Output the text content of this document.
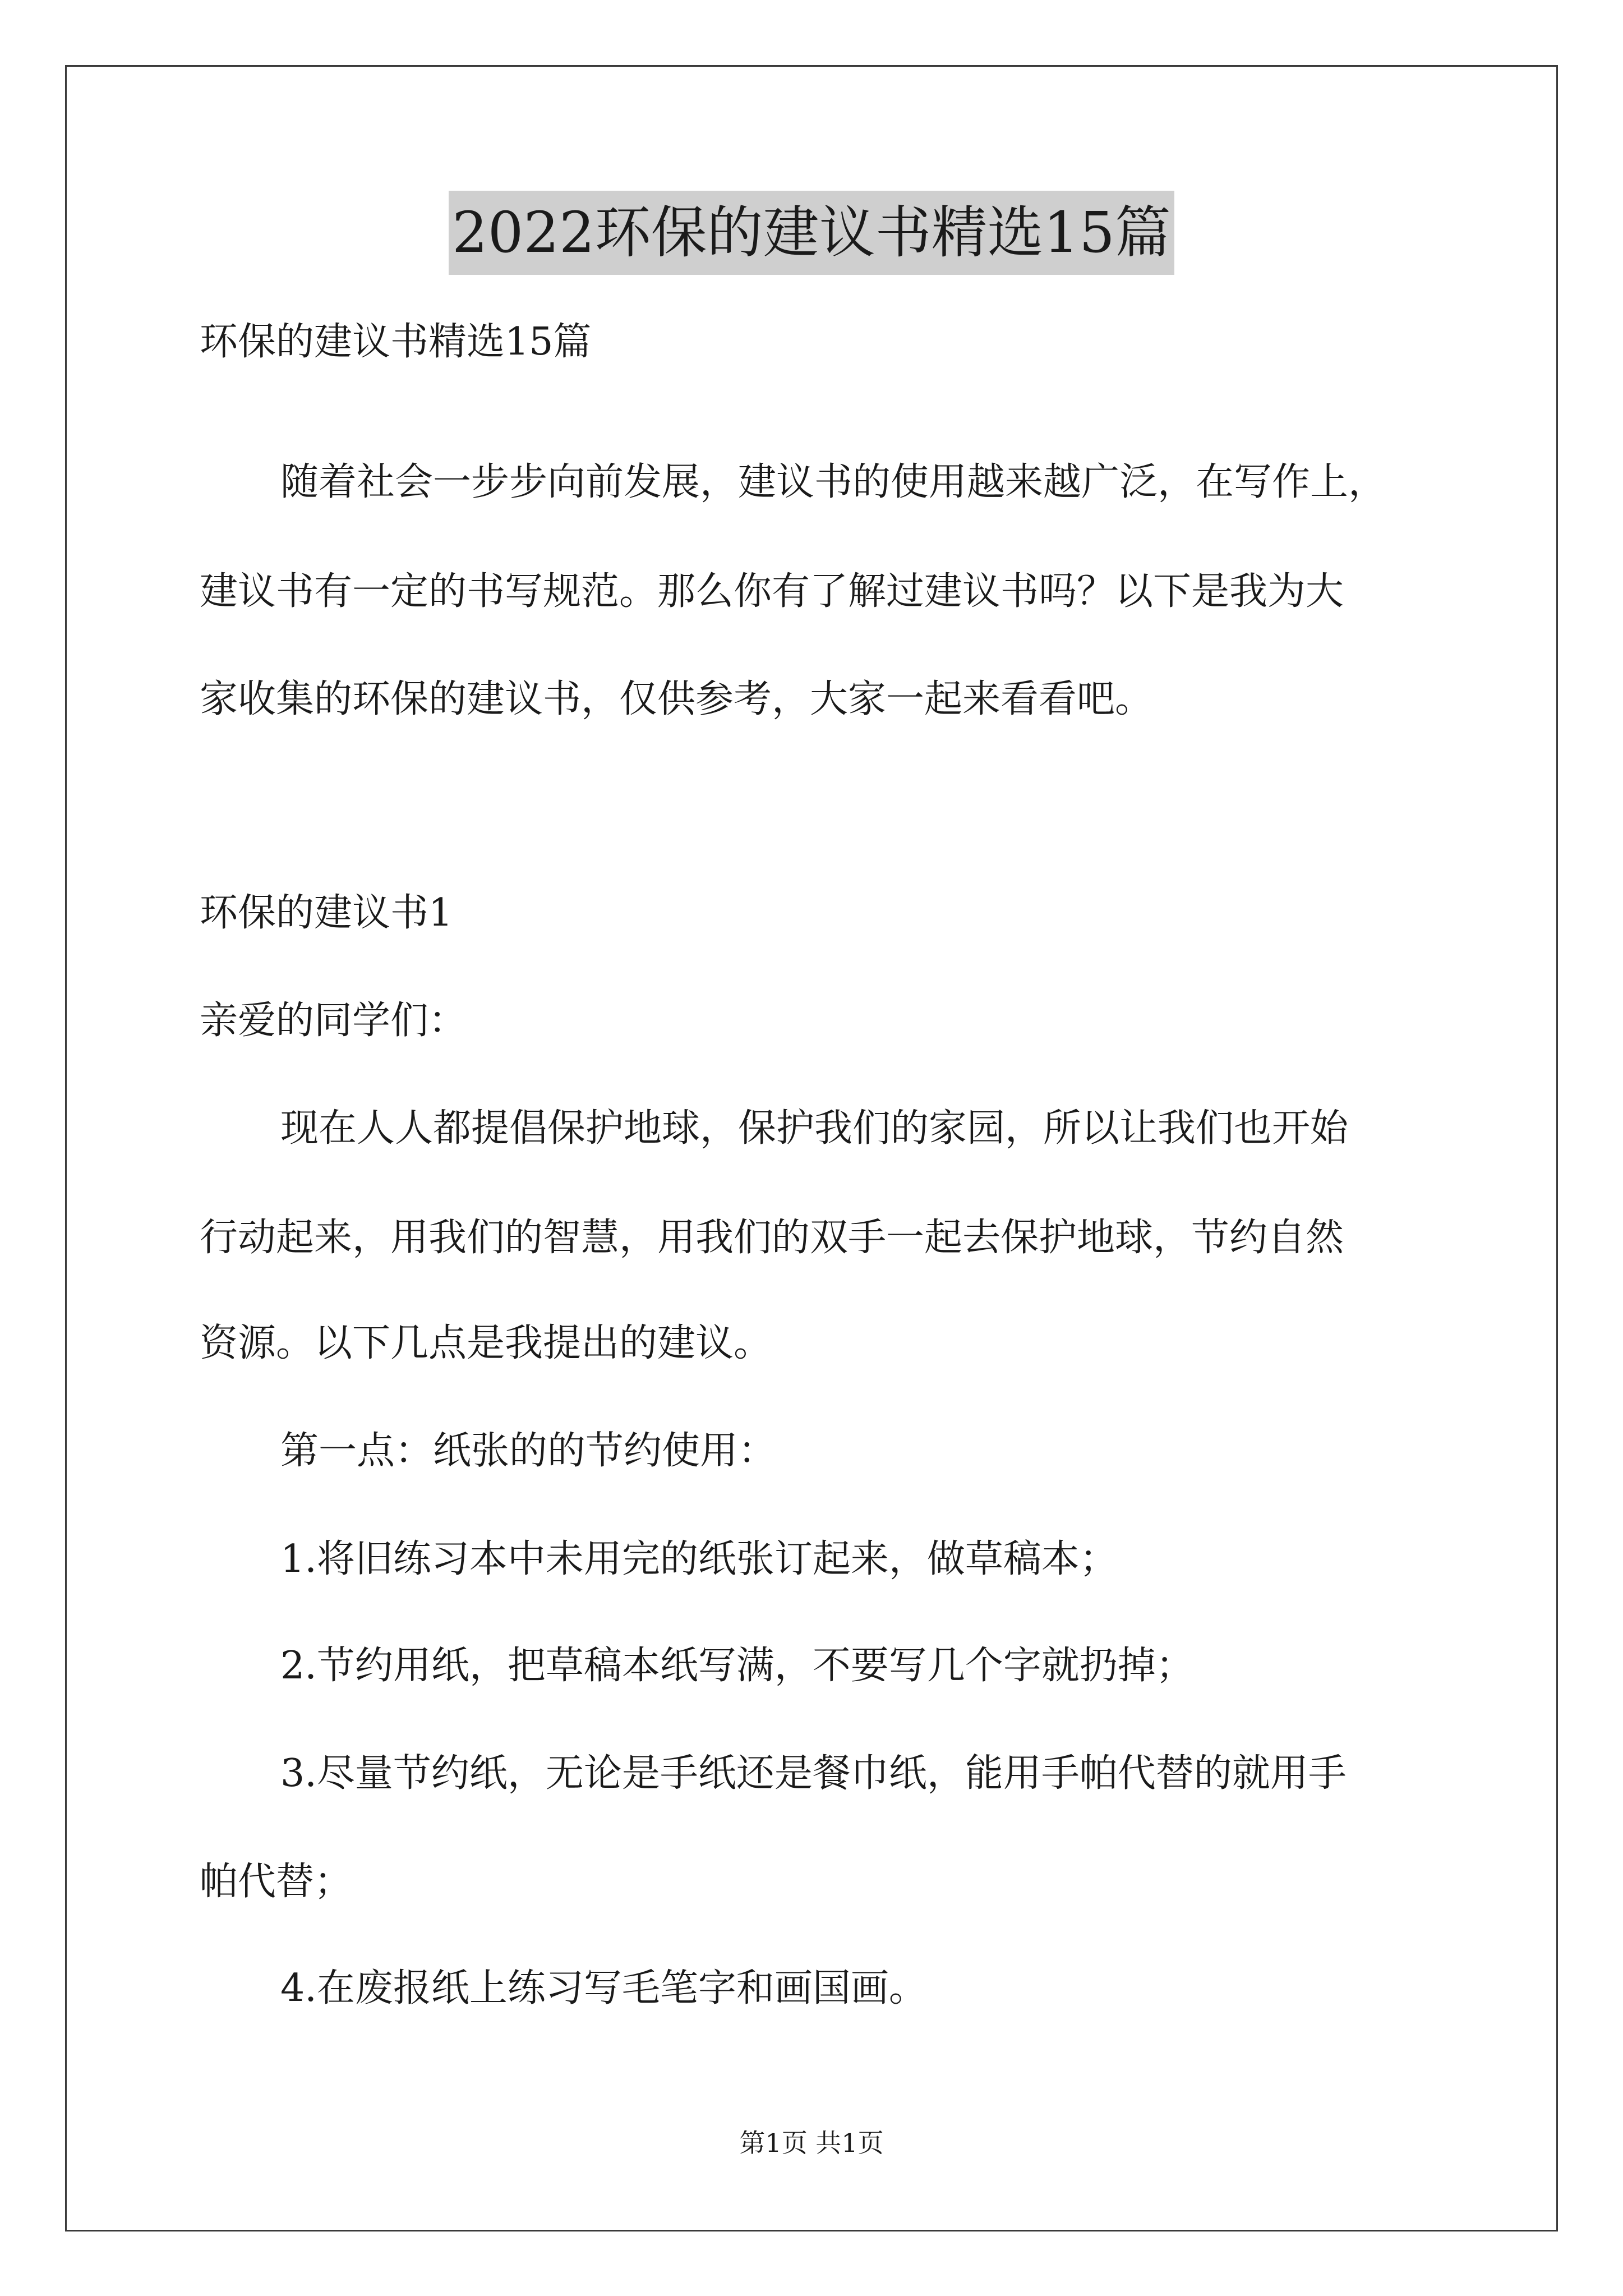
2022环保的建议书精选15篇
环保的建议书精选15篇
随着社会一步步向前发展，建议书的使用越来越广泛，在写作上，
建议书有一定的书写规范。那么你有了解过建议书吗？以下是我为大
家收集的环保的建议书，仅供参考，大家一起来看看吧。
环保的建议书1
亲爱的同学们：
现在人人都提倡保护地球，保护我们的家园，所以让我们也开始
行动起来，用我们的智慧，用我们的双手一起去保护地球，节约自然
资源。以下几点是我提出的建议。
第一点：纸张的的节约使用：
1.将旧练习本中未用完的纸张订起来，做草稿本；
2.节约用纸，把草稿本纸写满，不要写几个字就扔掉；
3.尽量节约纸，无论是手纸还是餐巾纸，能用手帕代替的就用手
帕代替；
4.在废报纸上练习写毛笔字和画国画。
第1页 共1页
